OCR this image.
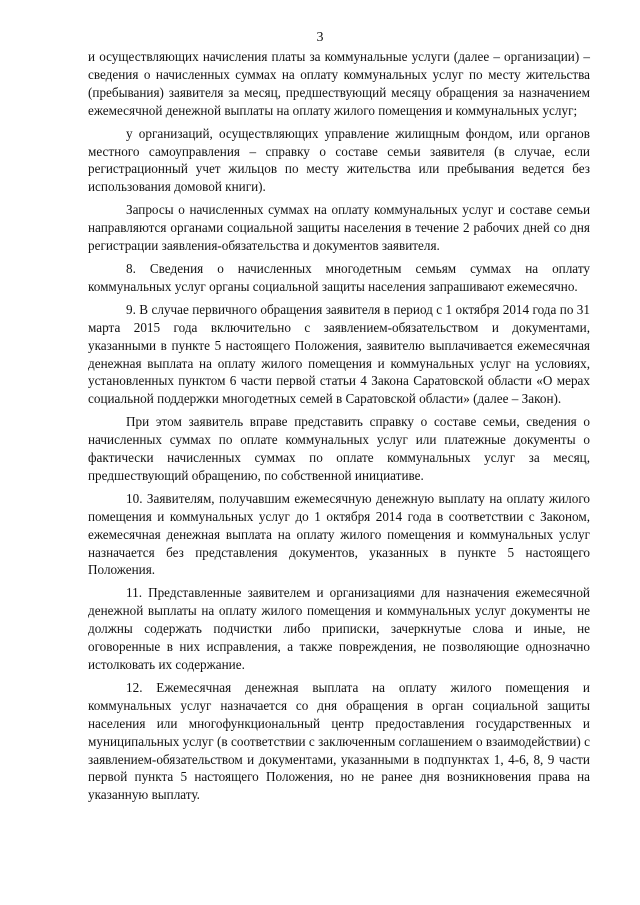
3

и осуществляющих начисления платы за коммунальные услуги (далее – организации) – сведения о начисленных суммах на оплату коммунальных услуг по месту жительства (пребывания) заявителя за месяц, предшествующий месяцу обращения за назначением ежемесячной денежной выплаты на оплату жилого помещения и коммунальных услуг;

у организаций, осуществляющих управление жилищным фондом, или органов местного самоуправления – справку о составе семьи заявителя (в случае, если регистрационный учет жильцов по месту жительства или пребывания ведется без использования домовой книги).

Запросы о начисленных суммах на оплату коммунальных услуг и составе семьи направляются органами социальной защиты населения в течение 2 рабочих дней со дня регистрации заявления-обязательства и документов заявителя.

8. Сведения о начисленных многодетным семьям суммах на оплату коммунальных услуг органы социальной защиты населения запрашивают ежемесячно.

9. В случае первичного обращения заявителя в период с 1 октября 2014 года по 31 марта 2015 года включительно с заявлением-обязательством и документами, указанными в пункте 5 настоящего Положения, заявителю выплачивается ежемесячная денежная выплата на оплату жилого помещения и коммунальных услуг на условиях, установленных пунктом 6 части первой статьи 4 Закона Саратовской области «О мерах социальной поддержки многодетных семей в Саратовской области» (далее – Закон).

При этом заявитель вправе представить справку о составе семьи, сведения о начисленных суммах по оплате коммунальных услуг или платежные документы о фактически начисленных суммах по оплате коммунальных услуг за месяц, предшествующий обращению, по собственной инициативе.

10. Заявителям, получавшим ежемесячную денежную выплату на оплату жилого помещения и коммунальных услуг до 1 октября 2014 года в соответствии с Законом, ежемесячная денежная выплата на оплату жилого помещения и коммунальных услуг назначается без представления документов, указанных в пункте 5 настоящего Положения.

11. Представленные заявителем и организациями для назначения ежемесячной денежной выплаты на оплату жилого помещения и коммунальных услуг документы не должны содержать подчистки либо приписки, зачеркнутые слова и иные, не оговоренные в них исправления, а также повреждения, не позволяющие однозначно истолковать их содержание.

12. Ежемесячная денежная выплата на оплату жилого помещения и коммунальных услуг назначается со дня обращения в орган социальной защиты населения или многофункциональный центр предоставления государственных и муниципальных услуг (в соответствии с заключенным соглашением о взаимодействии) с заявлением-обязательством и документами, указанными в подпунктах 1, 4-6, 8, 9 части первой пункта 5 настоящего Положения, но не ранее дня возникновения права на указанную выплату.
